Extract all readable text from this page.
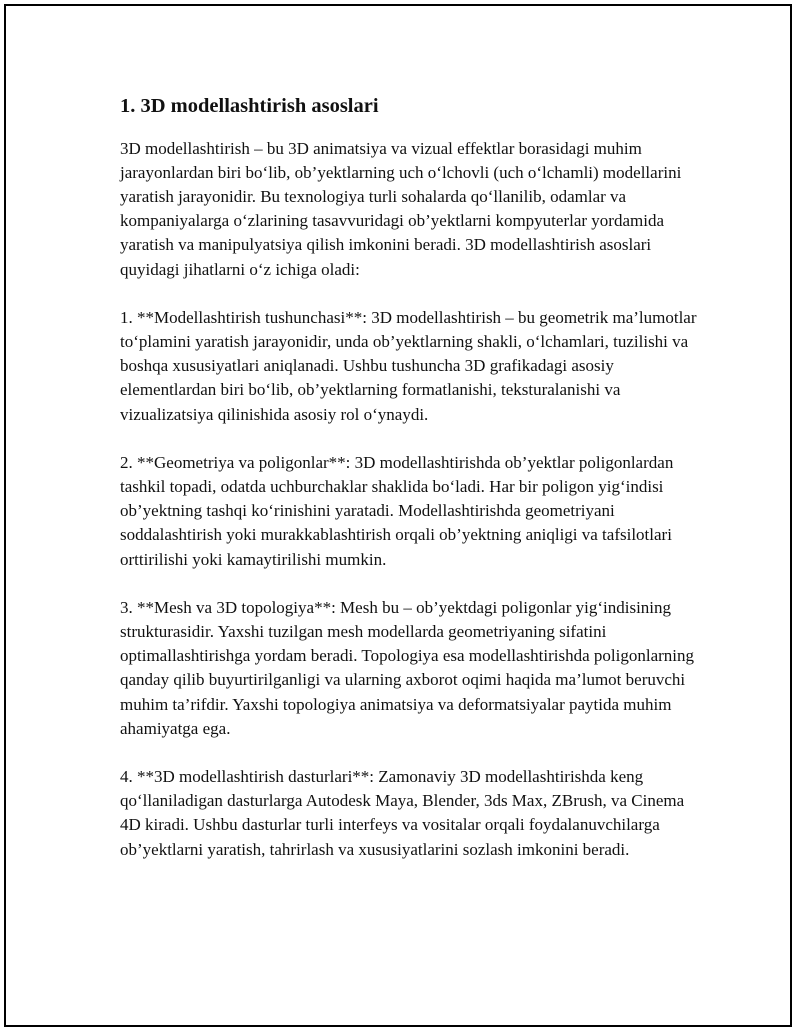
1. 3D modellashtirish asoslari

3D modellashtirish – bu 3D animatsiya va vizual effektlar borasidagi muhim jarayonlardan biri bo‘lib, ob’yektlarning uch o‘lchovli (uch o‘lchamli) modellarini yaratish jarayonidir. Bu texnologiya turli sohalarda qo‘llanilib, odamlar va kompaniyalarga o‘zlarining tasavvuridagi ob’yektlarni kompyuterlar yordamida yaratish va manipulyatsiya qilish imkonini beradi. 3D modellashtirish asoslari quyidagi jihatlarni o‘z ichiga oladi:

1. **Modellashtirish tushunchasi**: 3D modellashtirish – bu geometrik ma’lumotlar to‘plamini yaratish jarayonidir, unda ob’yektlarning shakli, o‘lchamlari, tuzilishi va boshqa xususiyatlari aniqlanadi. Ushbu tushuncha 3D grafikadagi asosiy elementlardan biri bo‘lib, ob’yektlarning formatlanishi, teksturalanishi va vizualizatsiya qilinishida asosiy rol o‘ynaydi.

2. **Geometriya va poligonlar**: 3D modellashtirishda ob’yektlar poligonlardan tashkil topadi, odatda uchburchaklar shaklida bo‘ladi. Har bir poligon yig‘indisi ob’yektning tashqi ko‘rinishini yaratadi. Modellashtirishda geometriyani soddalashtirish yoki murakkablashtirish orqali ob’yektning aniqligi va tafsilotlari orttirilishi yoki kamaytirilishi mumkin.

3. **Mesh va 3D topologiya**: Mesh bu – ob’yektdagi poligonlar yig‘indisining strukturasidir. Yaxshi tuzilgan mesh modellarda geometriyaning sifatini optimallashtirishga yordam beradi. Topologiya esa modellashtirishda poligonlarning qanday qilib buyurtirilganligi va ularning axborot oqimi haqida ma’lumot beruvchi muhim ta’rifdir. Yaxshi topologiya animatsiya va deformatsiyalar paytida muhim ahamiyatga ega.

4. **3D modellashtirish dasturlari**: Zamonaviy 3D modellashtirishda keng qo‘llaniladigan dasturlarga Autodesk Maya, Blender, 3ds Max, ZBrush, va Cinema 4D kiradi. Ushbu dasturlar turli interfeys va vositalar orqali foydalanuvchilarga ob’yektlarni yaratish, tahrirlash va xususiyatlarini sozlash imkonini beradi.
